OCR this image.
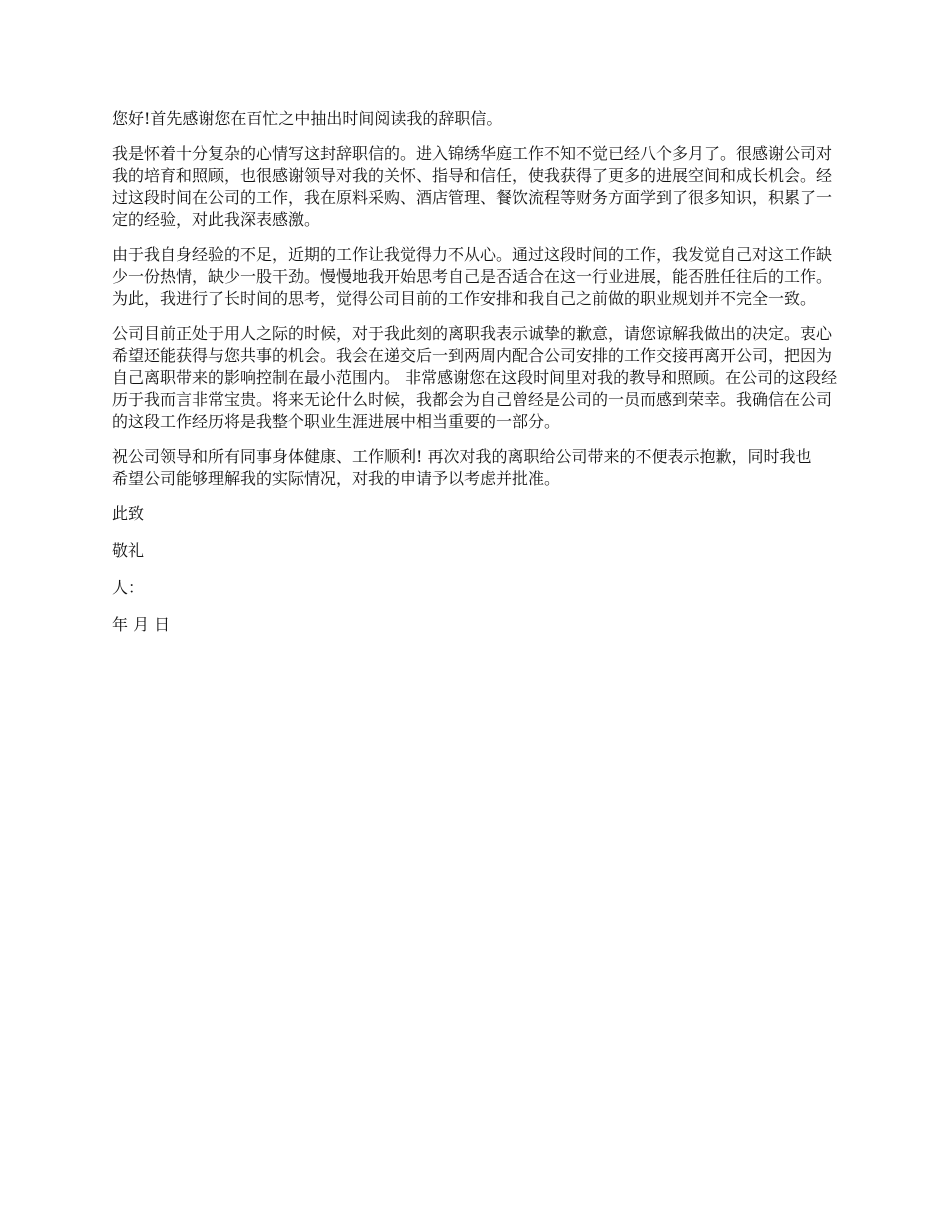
您好!首先感谢您在百忙之中抽出时间阅读我的辞职信。

我是怀着十分复杂的心情写这封辞职信的。进入锦绣华庭工作不知不觉已经八个多月了。很感谢公司对我的培育和照顾，也很感谢领导对我的关怀、指导和信任，使我获得了更多的进展空间和成长机会。经过这段时间在公司的工作，我在原料采购、酒店管理、餐饮流程等财务方面学到了很多知识，积累了一定的经验，对此我深表感激。

由于我自身经验的不足，近期的工作让我觉得力不从心。通过这段时间的工作，我发觉自己对这工作缺少一份热情，缺少一股干劲。慢慢地我开始思考自己是否适合在这一行业进展，能否胜任往后的工作。为此，我进行了长时间的思考，觉得公司目前的工作安排和我自己之前做的职业规划并不完全一致。

公司目前正处于用人之际的时候，对于我此刻的离职我表示诚挚的歉意，请您谅解我做出的决定。衷心希望还能获得与您共事的机会。我会在递交后一到两周内配合公司安排的工作交接再离开公司，把因为自己离职带来的影响控制在最小范围内。 非常感谢您在这段时间里对我的教导和照顾。在公司的这段经历于我而言非常宝贵。将来无论什么时候，我都会为自己曾经是公司的一员而感到荣幸。我确信在公司的这段工作经历将是我整个职业生涯进展中相当重要的一部分。

祝公司领导和所有同事身体健康、工作顺利! 再次对我的离职给公司带来的不便表示抱歉，同时我也希望公司能够理解我的实际情况，对我的申请予以考虑并批准。

此致

敬礼

人：

年 月 日
